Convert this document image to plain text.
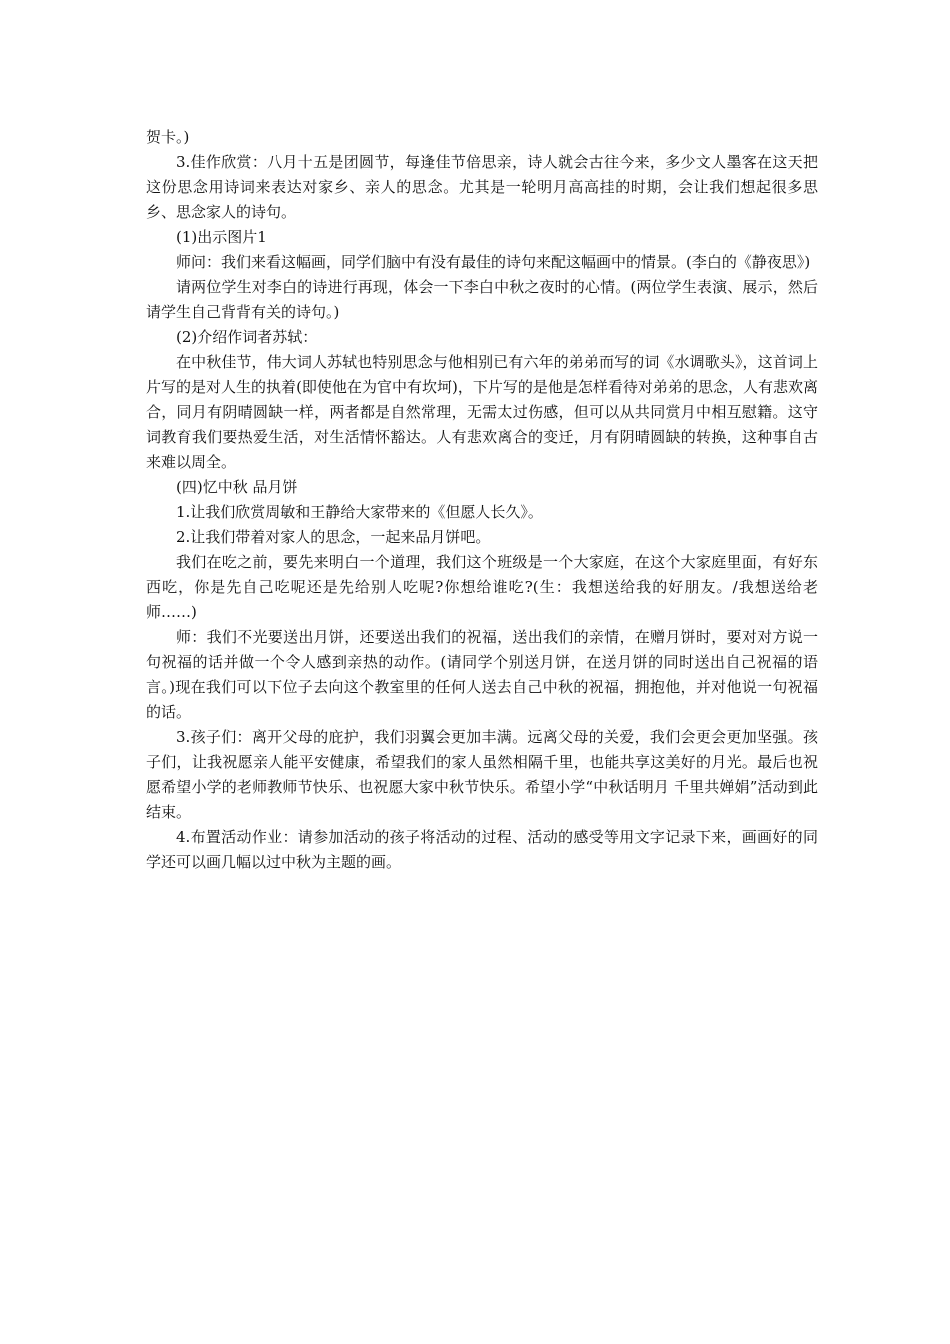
贺卡。)

3.佳作欣赏：八月十五是团圆节，每逢佳节倍思亲，诗人就会古往今来，多少文人墨客在这天把这份思念用诗词来表达对家乡、亲人的思念。尤其是一轮明月高高挂的时期，会让我们想起很多思乡、思念家人的诗句。

(1)出示图片1

师问：我们来看这幅画，同学们脑中有没有最佳的诗句来配这幅画中的情景。(李白的《静夜思》)

请两位学生对李白的诗进行再现，体会一下李白中秋之夜时的心情。(两位学生表演、展示，然后请学生自己背背有关的诗句。)

(2)介绍作词者苏轼：

在中秋佳节，伟大词人苏轼也特别思念与他相别已有六年的弟弟而写的词《水调歌头》，这首词上片写的是对人生的执着(即使他在为官中有坎坷)，下片写的是他是怎样看待对弟弟的思念，人有悲欢离合，同月有阴晴圆缺一样，两者都是自然常理，无需太过伤感，但可以从共同赏月中相互慰籍。这守词教育我们要热爱生活，对生活情怀豁达。人有悲欢离合的变迁，月有阴晴圆缺的转换，这种事自古来难以周全。

(四)忆中秋 品月饼

1.让我们欣赏周敏和王静给大家带来的《但愿人长久》。

2.让我们带着对家人的思念，一起来品月饼吧。

我们在吃之前，要先来明白一个道理，我们这个班级是一个大家庭，在这个大家庭里面，有好东西吃，你是先自己吃呢还是先给别人吃呢?你想给谁吃?(生：我想送给我的好朋友。/我想送给老师……)

师：我们不光要送出月饼，还要送出我们的祝福，送出我们的亲情，在赠月饼时，要对对方说一句祝福的话并做一个令人感到亲热的动作。(请同学个别送月饼，在送月饼的同时送出自己祝福的语言。)现在我们可以下位子去向这个教室里的任何人送去自己中秋的祝福，拥抱他，并对他说一句祝福的话。

3.孩子们：离开父母的庇护，我们羽翼会更加丰满。远离父母的关爱，我们会更会更加坚强。孩子们，让我祝愿亲人能平安健康，希望我们的家人虽然相隔千里，也能共享这美好的月光。最后也祝愿希望小学的老师教师节快乐、也祝愿大家中秋节快乐。希望小学“中秋话明月 千里共婵娟”活动到此结束。

4.布置活动作业：请参加活动的孩子将活动的过程、活动的感受等用文字记录下来，画画好的同学还可以画几幅以过中秋为主题的画。
